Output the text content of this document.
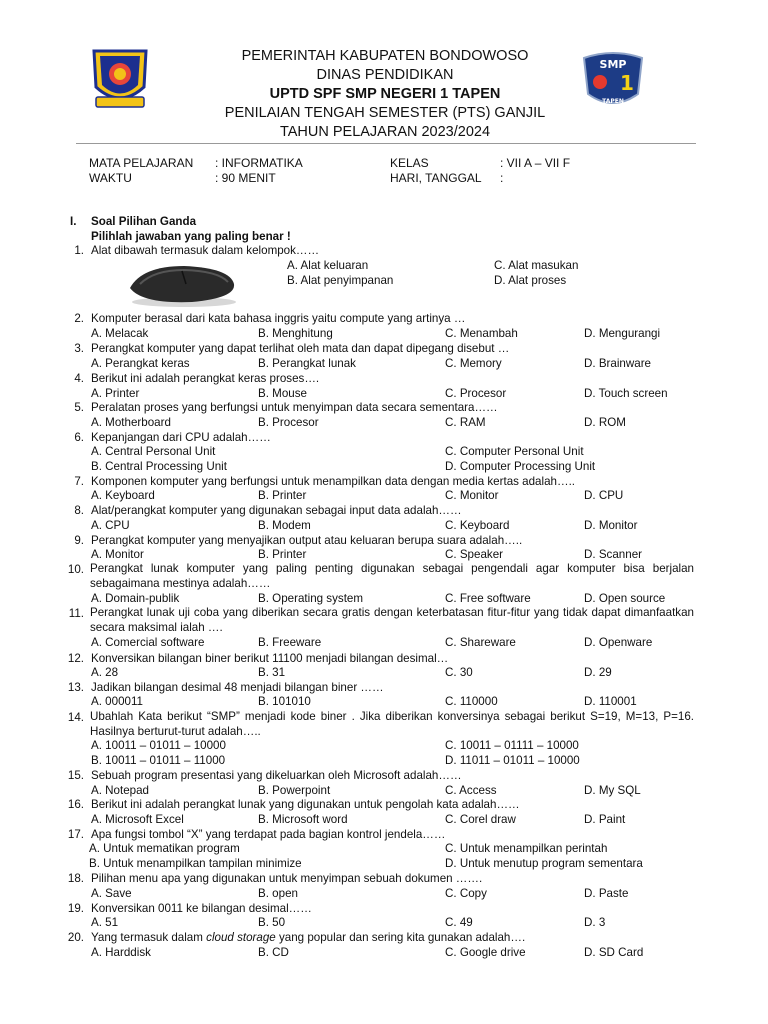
SMP
1
TAPEN
PEMERINTAH KABUPATEN BONDOWOSO
DINAS PENDIDIKAN
UPTD SPF SMP NEGERI 1 TAPEN
PENILAIAN TENGAH SEMESTER (PTS) GANJIL
TAHUN PELAJARAN 2023/2024
MATA PELAJARAN : INFORMATIKA	KELAS	: VII A – VII F
WAKTU	: 90 MENIT	HARI, TANGGAL :
I. Soal Pilihan Ganda
Pilihlah jawaban yang paling benar !
1. Alat dibawah termasuk dalam kelompok……
A. Alat keluaran	C. Alat masukan
B. Alat penyimpanan	D. Alat proses
2. Komputer berasal dari kata bahasa inggris yaitu compute yang artinya …
A. Melacak	B. Menghitung	C. Menambah	D. Mengurangi
3. Perangkat komputer yang dapat terlihat oleh mata dan dapat dipegang disebut …
A. Perangkat keras	B. Perangkat lunak	C. Memory	D. Brainware
4. Berikut ini adalah perangkat keras proses….
A. Printer	B. Mouse	C. Procesor	D. Touch screen
5. Peralatan proses yang berfungsi untuk menyimpan data secara sementara……
A. Motherboard	B. Procesor	C. RAM	D. ROM
6. Kepanjangan dari CPU adalah……
A. Central Personal Unit	C. Computer Personal Unit
B. Central Processing Unit	D. Computer Processing Unit
7. Komponen komputer yang berfungsi untuk menampilkan data dengan media kertas adalah…..
A. Keyboard	B. Printer	C. Monitor	D. CPU
8. Alat/perangkat komputer yang digunakan sebagai input data adalah……
A. CPU	B. Modem	C. Keyboard	D. Monitor
9. Perangkat komputer yang menyajikan output atau keluaran berupa suara adalah…..
A. Monitor	B. Printer	C. Speaker	D. Scanner
10. Perangkat lunak komputer yang paling penting digunakan sebagai pengendali agar komputer bisa berjalan sebagaimana mestinya adalah……
A. Domain-publik	B. Operating system	C. Free software	D. Open source
11. Perangkat lunak uji coba yang diberikan secara gratis dengan keterbatasan fitur-fitur yang tidak dapat dimanfaatkan secara maksimal ialah ….
A. Comercial software	B. Freeware	C. Shareware	D. Openware
12. Konversikan bilangan biner berikut 11100 menjadi bilangan desimal…
A. 28	B. 31	C. 30	D. 29
13. Jadikan bilangan desimal 48 menjadi bilangan biner ……
A. 000011	B. 101010	C. 110000	D. 110001
14. Ubahlah Kata berikut “SMP” menjadi kode biner . Jika diberikan konversinya sebagai berikut S=19, M=13, P=16. Hasilnya berturut-turut adalah…..
A. 10011 – 01011 – 10000	C. 10011 – 01111 – 10000
B. 10011 – 01011 – 11000	D. 11011 – 01011 – 10000
15. Sebuah program presentasi yang dikeluarkan oleh Microsoft adalah……
A. Notepad	B. Powerpoint	C. Access	D. My SQL
16. Berikut ini adalah perangkat lunak yang digunakan untuk pengolah kata adalah……
A. Microsoft Excel	B. Microsoft word	C. Corel draw	D. Paint
17. Apa fungsi tombol “X” yang terdapat pada bagian kontrol jendela……
A. Untuk mematikan program	C. Untuk menampilkan perintah
B. Untuk menampilkan tampilan minimize	D. Untuk menutup program sementara
18. Pilihan menu apa yang digunakan untuk menyimpan sebuah dokumen …….
A. Save	B. open	C. Copy	D. Paste
19. Konversikan 0011 ke bilangan desimal……
A. 51	B. 50	C. 49	D. 3
20. Yang termasuk dalam cloud storage yang popular dan sering kita gunakan adalah….
A. Harddisk	B. CD	C. Google drive	D. SD Card
